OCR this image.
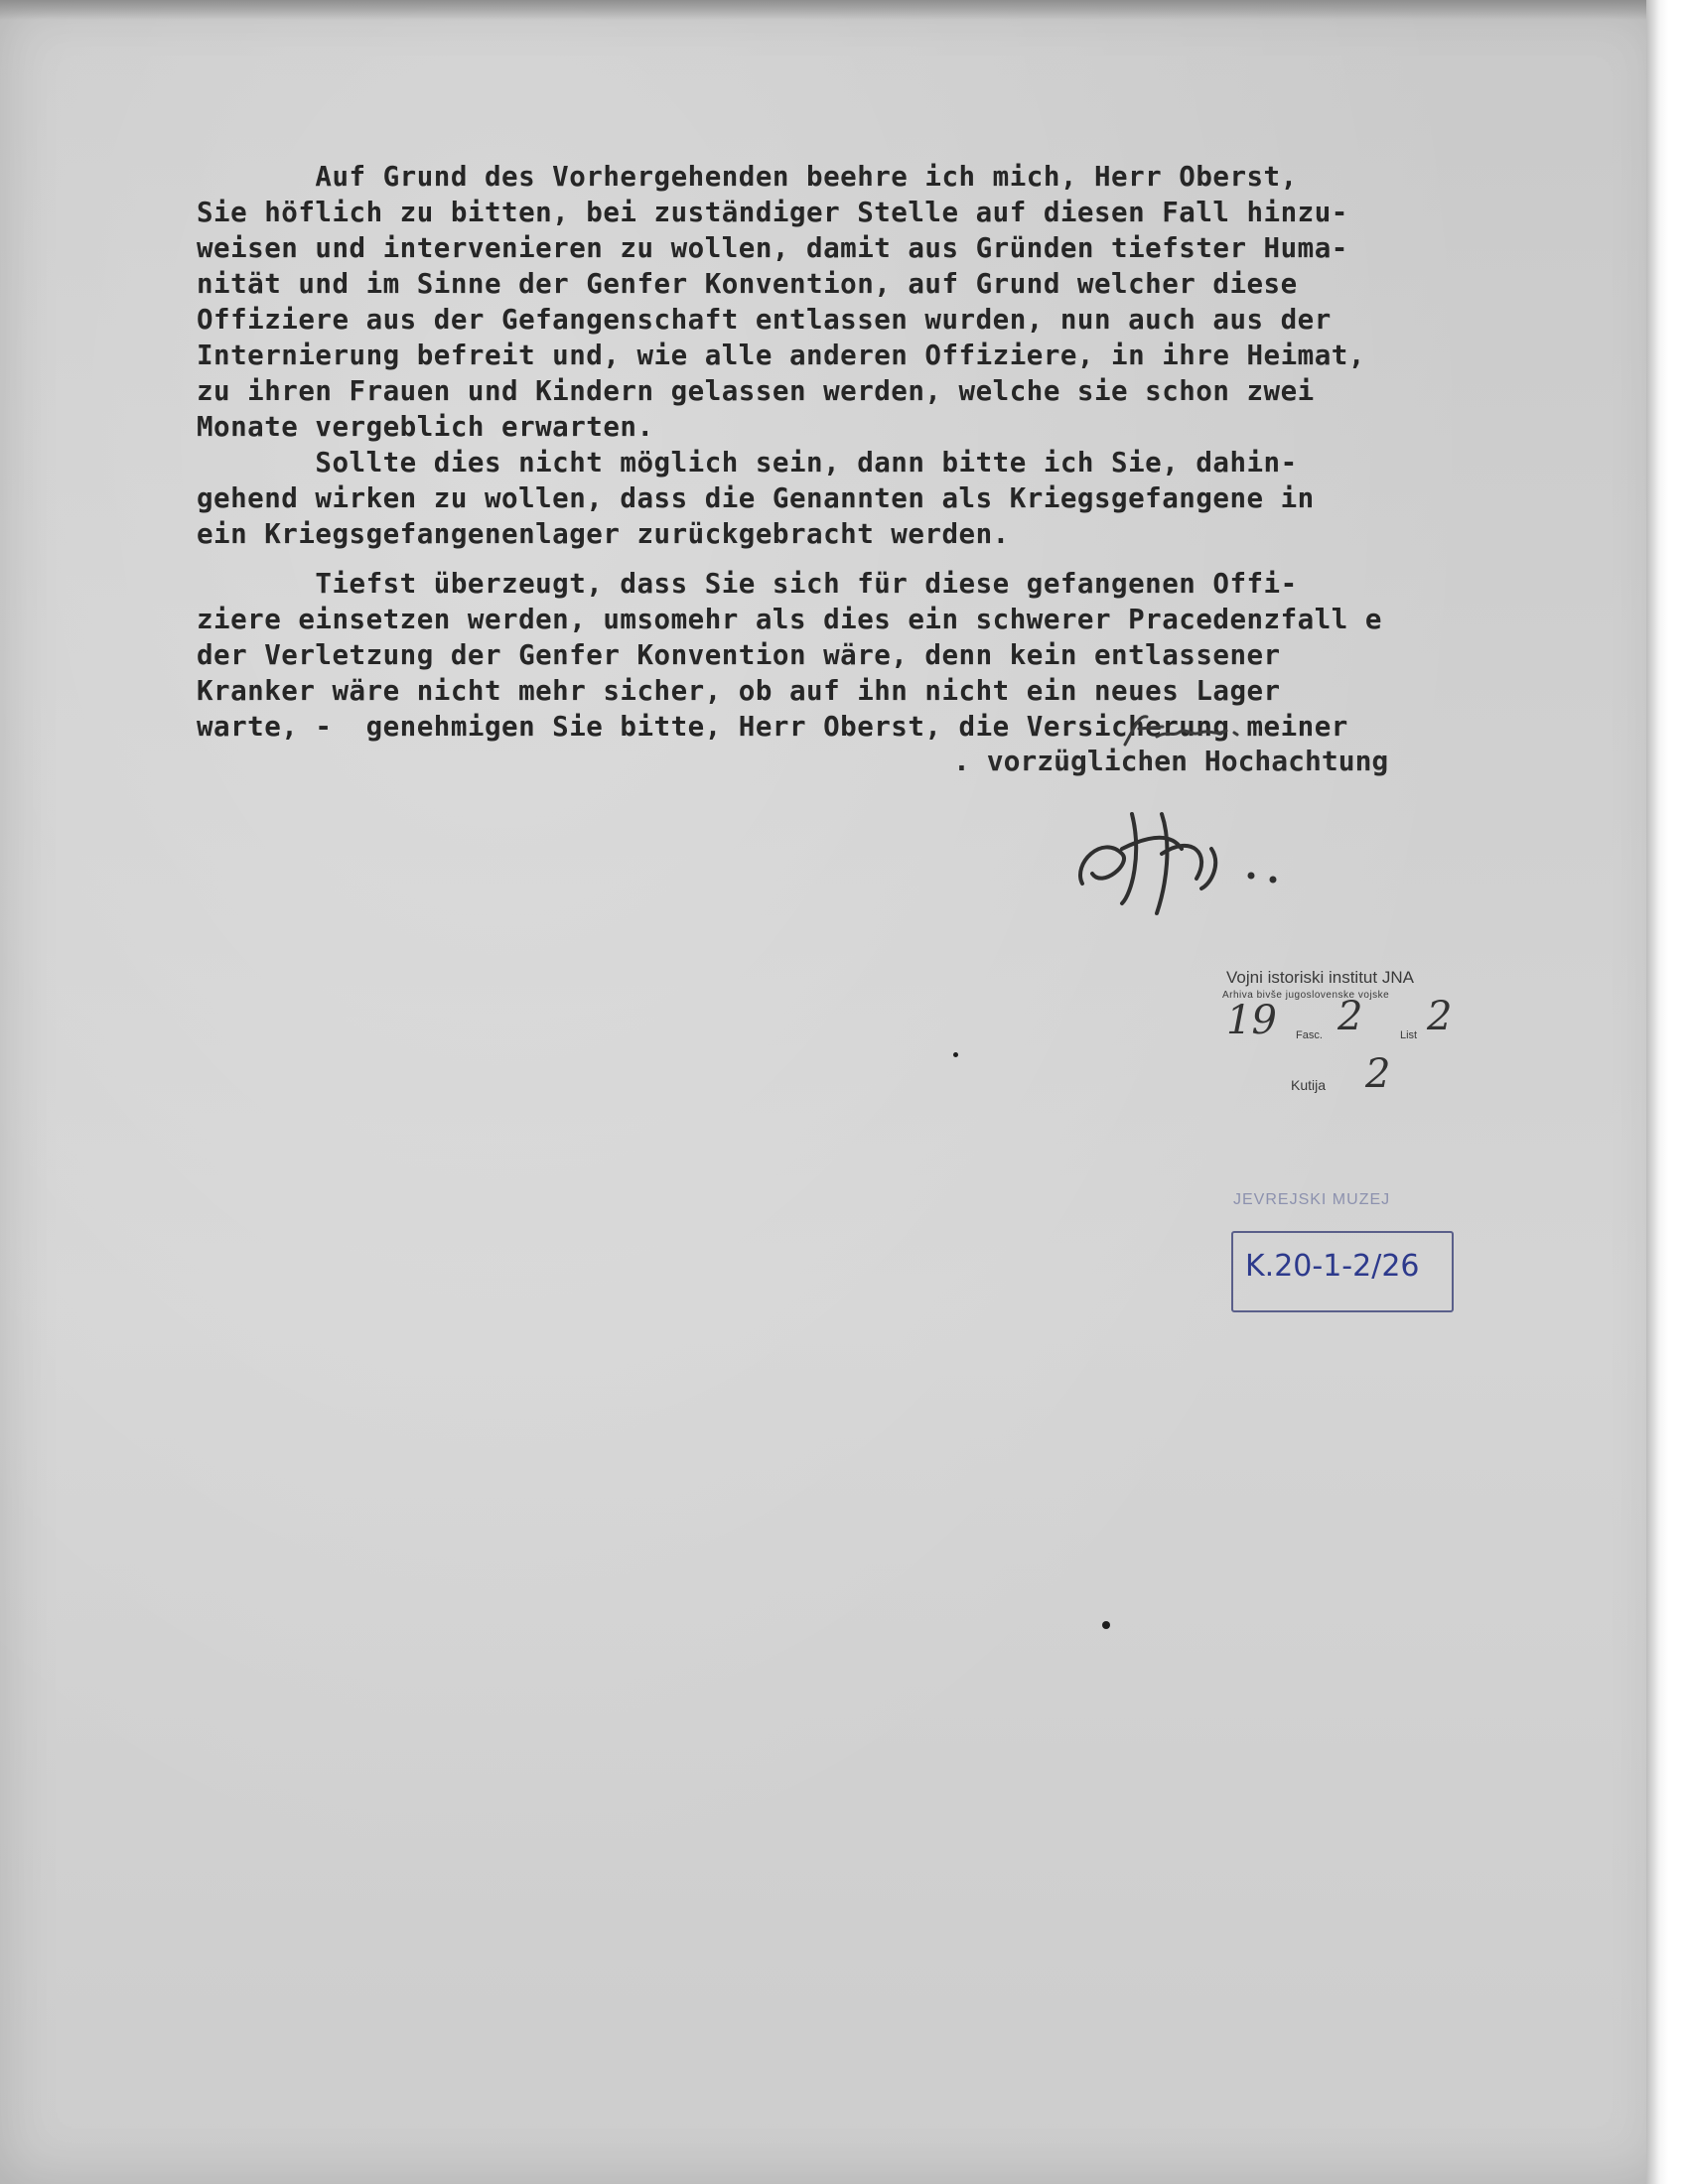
Auf Grund des Vorhergehenden beehre ich mich, Herr Oberst,
Sie höflich zu bitten, bei zuständiger Stelle auf diesen Fall hinzu-
weisen und intervenieren zu wollen, damit aus Gründen tiefster Huma-
nität und im Sinne der Genfer Konvention, auf Grund welcher diese
Offiziere aus der Gefangenschaft entlassen wurden, nun auch aus der
Internierung befreit und, wie alle anderen Offiziere, in ihre Heimat,
zu ihren Frauen und Kindern gelassen werden, welche sie schon zwei
Monate vergeblich erwarten.
Sollte dies nicht möglich sein, dann bitte ich Sie, dahin-
gehend wirken zu wollen, dass die Genannten als Kriegsgefangene in
ein Kriegsgefangenenlager zurückgebracht werden.
Tiefst überzeugt, dass Sie sich für diese gefangenen Offi-
ziere einsetzen werden, umsomehr als dies ein schwerer Pracedenzfall e
der Verletzung der Genfer Konvention wäre, denn kein entlassener
Kranker wäre nicht mehr sicher, ob auf ihn nicht ein neues Lager
warte, -  genehmigen Sie bitte, Herr Oberst, die Versicherung meiner
. vorzüglichen Hochachtung
Vojni istoriski institut JNA
Arhiva bivše jugoslovenske vojske
19 Fasc. 2	List 2
Kutija 2
JEVREJSKI MUZEJ
K.20-1-2/26
